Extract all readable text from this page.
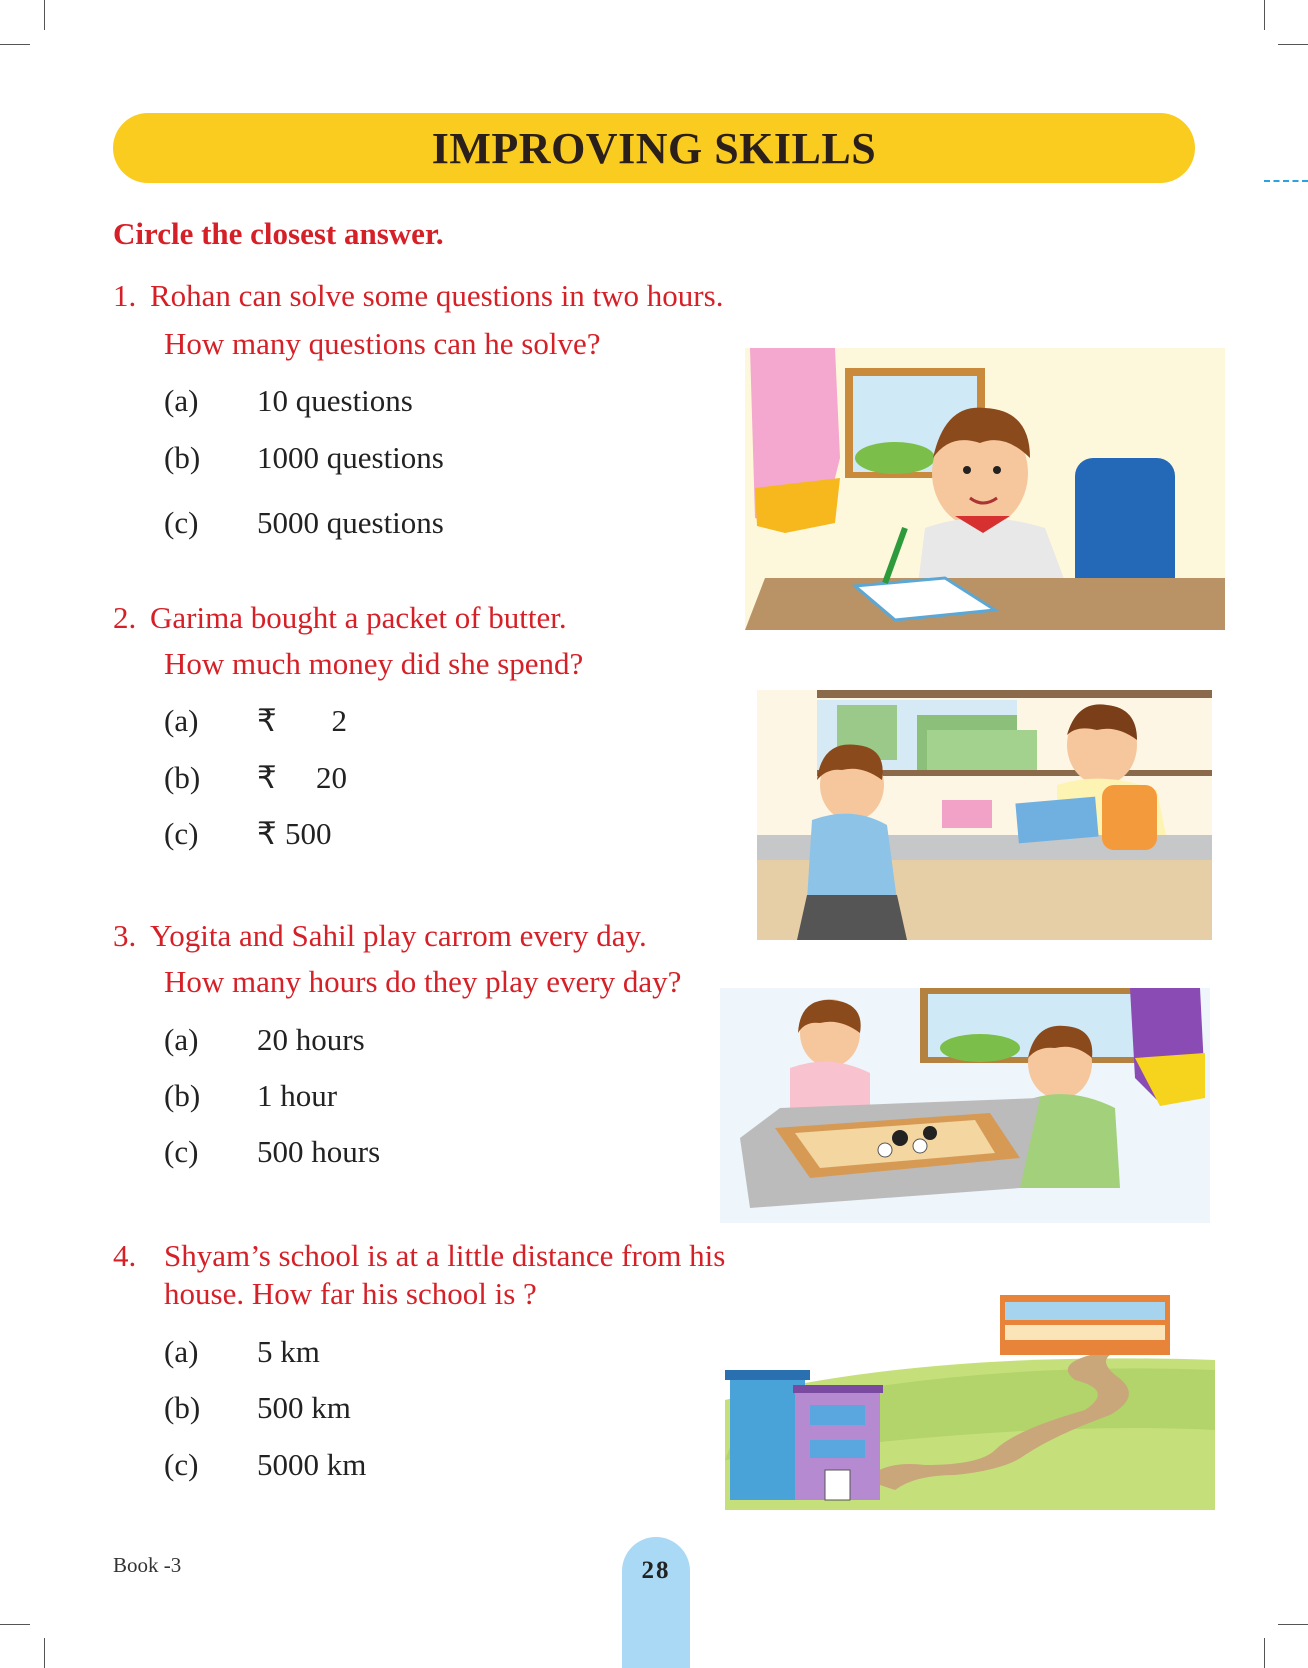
IMPROVING SKILLS
Circle the closest answer.
1. Rohan can solve some questions in two hours.
How many questions can he solve?
(a) 10 questions
(b) 1000 questions
(c) 5000 questions
2. Garima bought a packet of butter.
How much money did she spend?
(a) ₹ 2
(b) ₹ 20
(c) ₹ 500
3. Yogita and Sahil play carrom every day.
How many hours do they play every day?
(a) 20 hours
(b) 1 hour
(c) 500 hours
4. Shyam’s school is at a little distance from his
house. How far his school is ?
(a) 5 km
(b) 500 km
(c) 5000 km
Book -3	28
